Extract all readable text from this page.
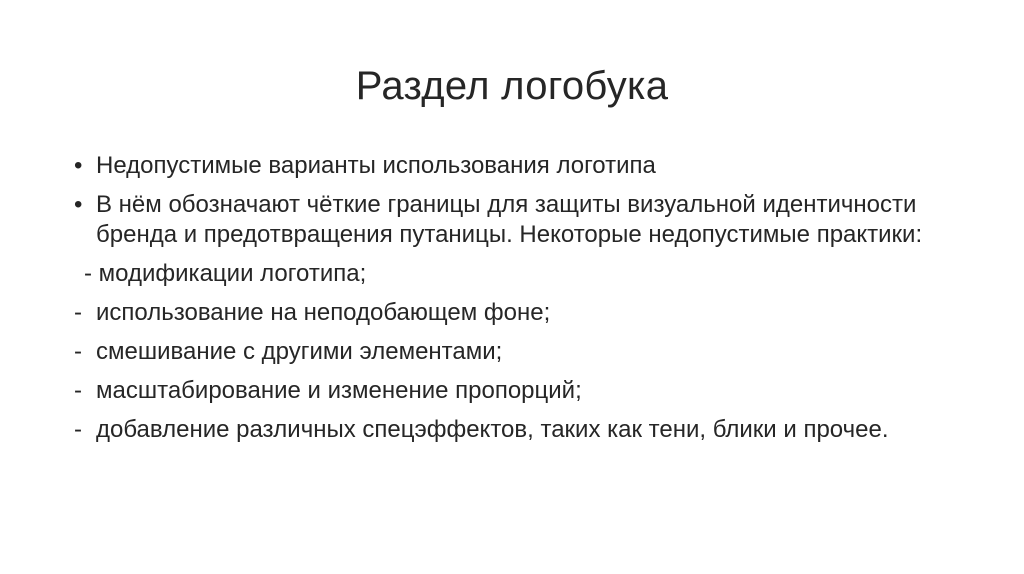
Раздел логобука
• Недопустимые варианты использования логотипа
• В нём обозначают чёткие границы для защиты визуальной идентичности бренда и предотвращения путаницы. Некоторые недопустимые практики:
- модификации логотипа;
- использование на неподобающем фоне;
- смешивание с другими элементами;
- масштабирование и изменение пропорций;
- добавление различных спецэффектов, таких как тени, блики и прочее.
